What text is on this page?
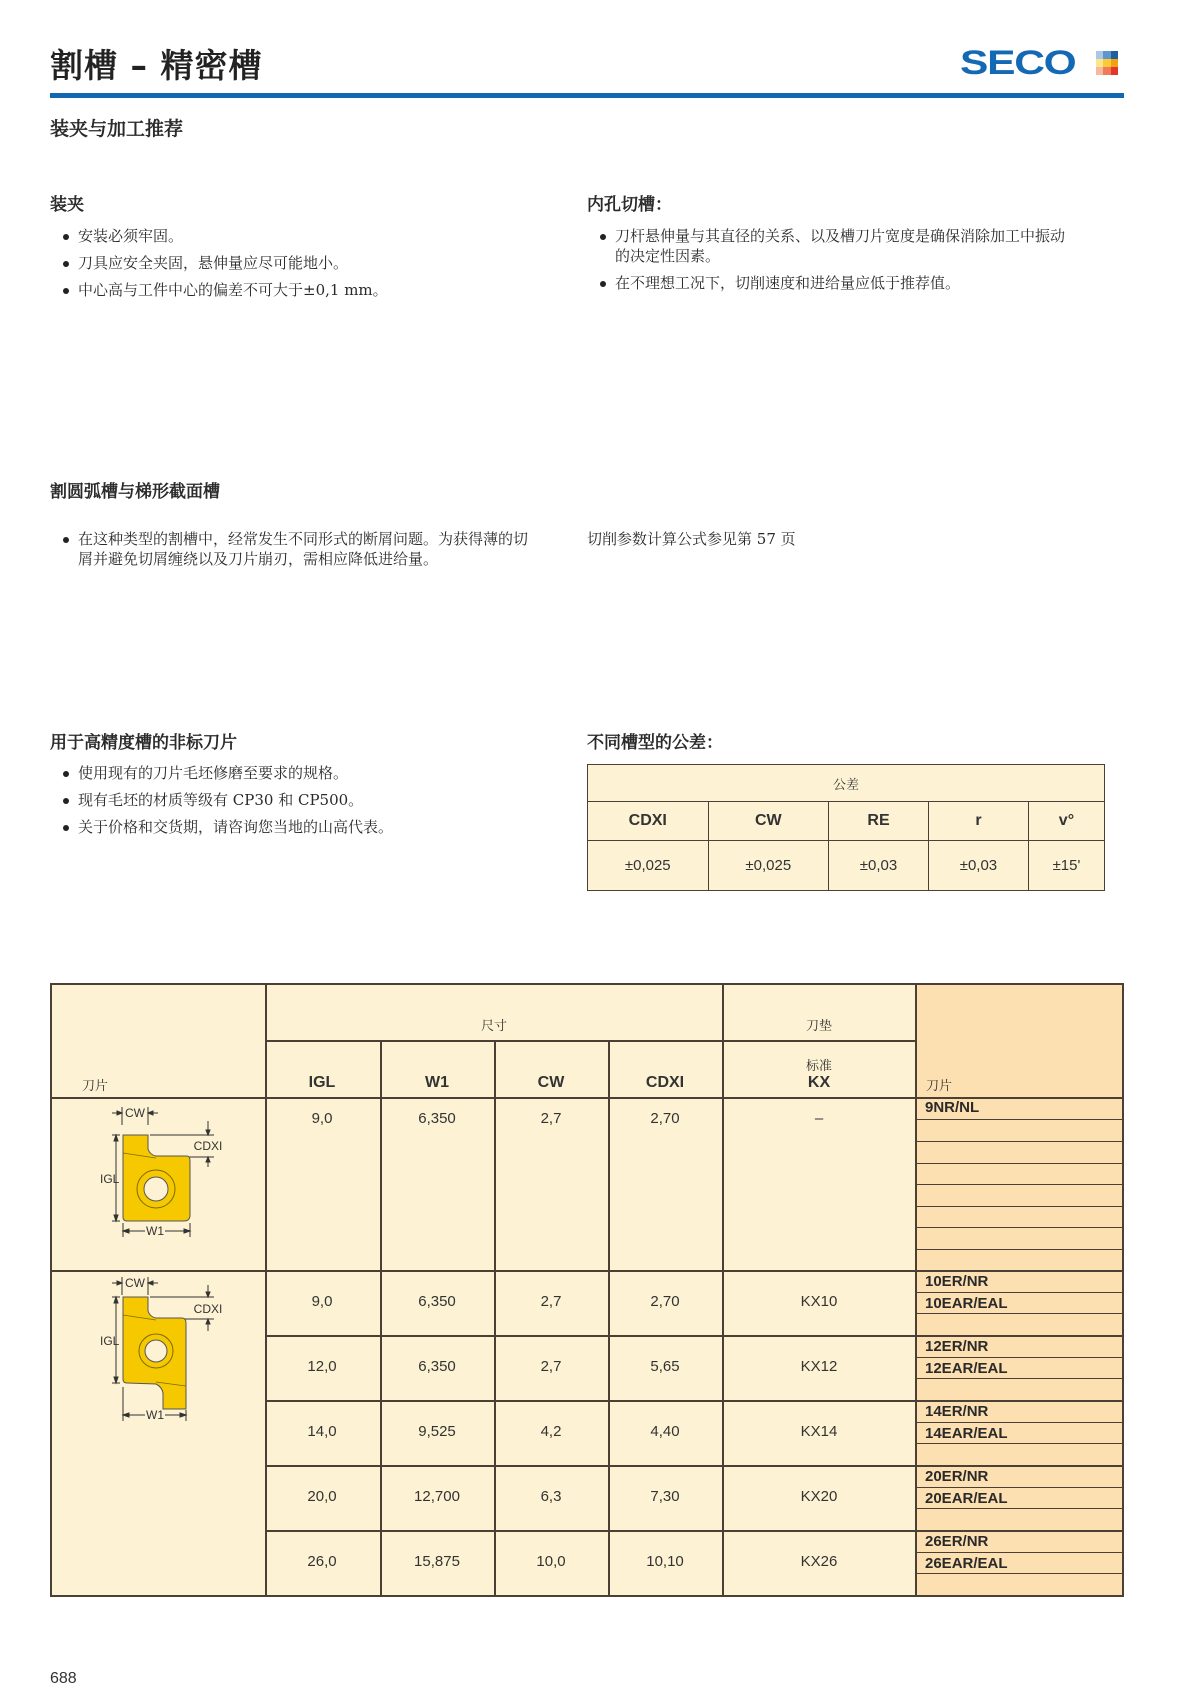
割槽 – 精密槽	SECO
装夹与加工推荐
装夹
安装必须牢固。
刀具应安全夹固，悬伸量应尽可能地小。
中心高与工件中心的偏差不可大于±0,1 mm。
内孔切槽：
刀杆悬伸量与其直径的关系、以及槽刀片宽度是确保消除加工中振动的决定性因素。
在不理想工况下，切削速度和进给量应低于推荐值。
割圆弧槽与梯形截面槽
在这种类型的割槽中，经常发生不同形式的断屑问题。为获得薄的切屑并避免切屑缠绕以及刀片崩刃，需相应降低进给量。
切削参数计算公式参见第 57 页
用于高精度槽的非标刀片
使用现有的刀片毛坯修磨至要求的规格。
现有毛坯的材质等级有 CP30 和 CP500。
关于价格和交货期，请咨询您当地的山高代表。
不同槽型的公差：
公差				
CDXI	CW	RE	r	v°
±0,025	±0,025	±0,03	±0,03	±15'
刀片
尺寸	刀垫
标准
KX	刀片
IGL	W1	CW	CDXI
CW
CDXI
IGL
W1
CW
CDXI
IGL
W1
9,0	6,350	2,7	2,70	–
9NR/NL
9,0	6,350	2,7	2,70	KX10
10ER/NR
10EAR/EAL
12,0	6,350	2,7	5,65	KX12
12ER/NR
12EAR/EAL
14,0	9,525	4,2	4,40	KX14
14ER/NR
14EAR/EAL
20,0	12,700	6,3	7,30	KX20
20ER/NR
20EAR/EAL
26,0	15,875	10,0	10,10	KX26
26ER/NR
26EAR/EAL
688
